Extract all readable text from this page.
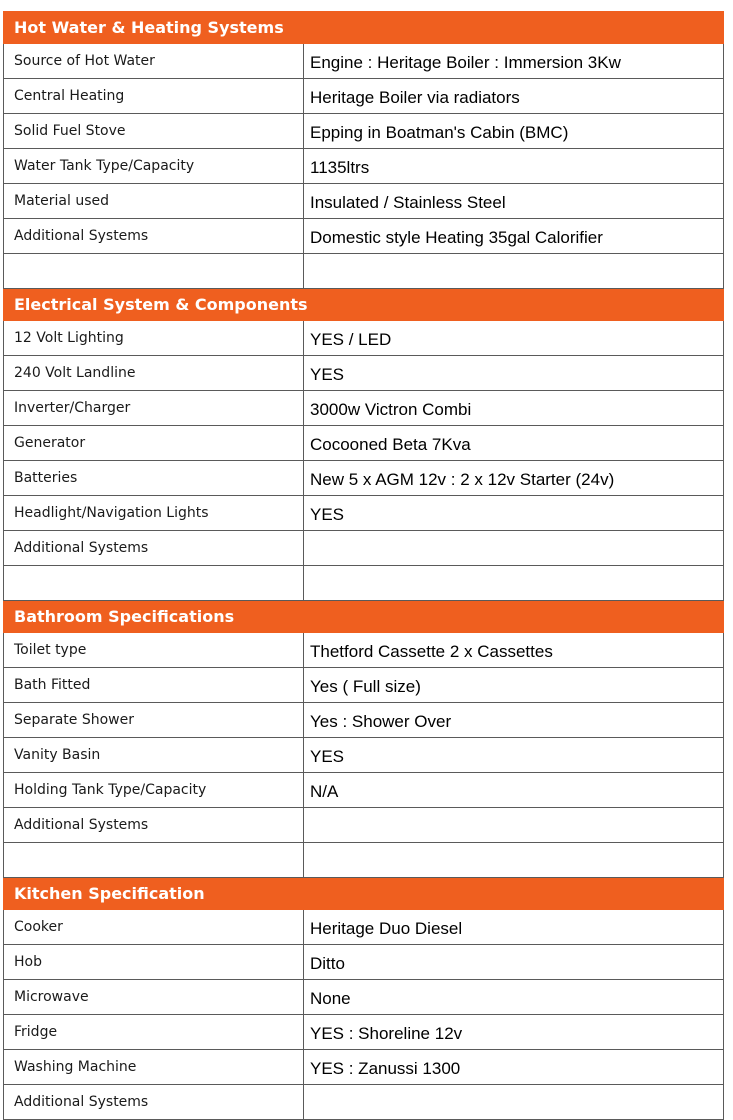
Hot Water & Heating Systems	
Source of Hot Water	Engine : Heritage Boiler : Immersion 3Kw
Central Heating	Heritage Boiler via radiators
Solid Fuel Stove	Epping in Boatman's Cabin (BMC)
Water Tank Type/Capacity	1135ltrs
Material used	Insulated / Stainless Steel
Additional Systems	Domestic style Heating 35gal Calorifier

Electrical System & Components	
12 Volt Lighting	YES / LED
240 Volt Landline	YES
Inverter/Charger	3000w Victron Combi
Generator	Cocooned Beta 7Kva
Batteries	New 5 x AGM 12v : 2 x 12v Starter (24v)
Headlight/Navigation Lights	YES
Additional Systems	

Bathroom Specifications	
Toilet type	Thetford Cassette 2 x Cassettes
Bath Fitted	Yes ( Full size)
Separate Shower	Yes : Shower Over
Vanity Basin	YES
Holding Tank Type/Capacity	N/A
Additional Systems	

Kitchen Specification	
Cooker	Heritage Duo Diesel
Hob	Ditto
Microwave	None
Fridge	YES : Shoreline 12v
Washing Machine	YES : Zanussi 1300
Additional Systems	
